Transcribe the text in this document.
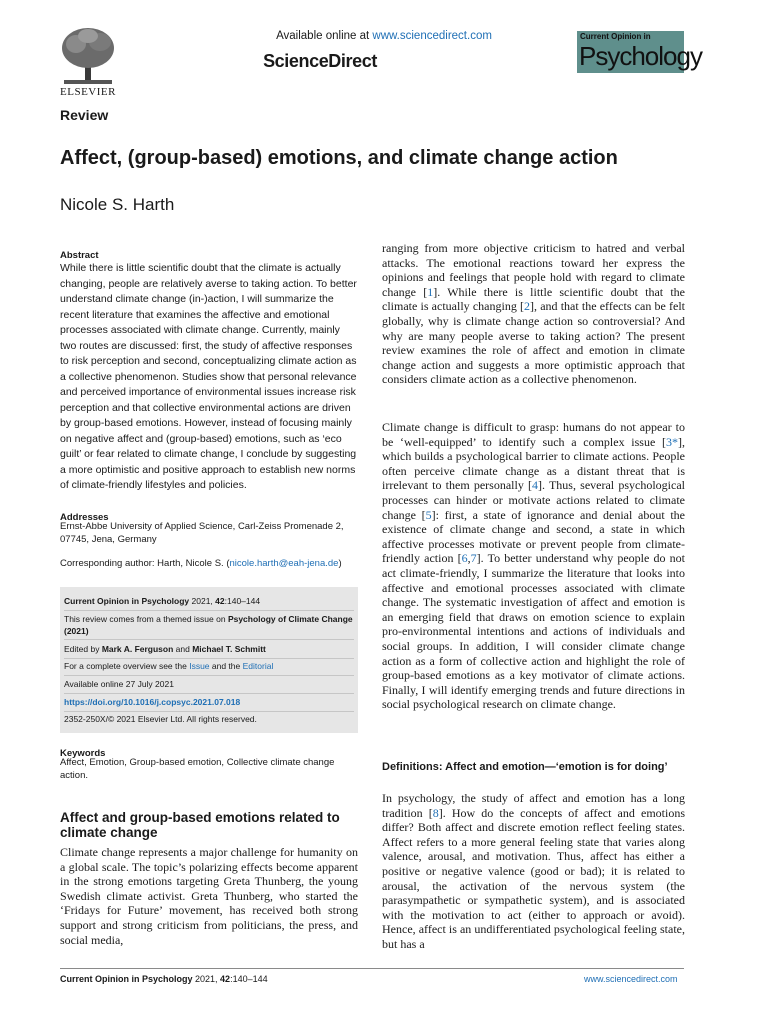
ELSEVIER
Available online at www.sciencedirect.com
ScienceDirect
Current Opinion in
Psychology
Review
Affect, (group-based) emotions, and climate change action
Nicole S. Harth
Abstract
While there is little scientific doubt that the climate is actually changing, people are relatively averse to taking action. To better understand climate change (in-)action, I will summarize the recent literature that examines the affective and emotional processes associated with climate change. Currently, mainly two routes are discussed: first, the study of affective responses to risk perception and second, conceptualizing climate action as a collective phenomenon. Studies show that personal relevance and perceived importance of environmental issues increase risk perception and that collective environmental actions are driven by group-based emotions. However, instead of focusing mainly on negative affect and (group-based) emotions, such as ‘eco guilt’ or fear related to climate change, I conclude by suggesting a more optimistic and positive approach to establish new norms of climate-friendly lifestyles and policies.
Addresses
Ernst-Abbe University of Applied Science, Carl-Zeiss Promenade 2, 07745, Jena, Germany
Corresponding author: Harth, Nicole S. (nicole.harth@eah-jena.de)
Current Opinion in Psychology 2021, 42:140–144
This review comes from a themed issue on Psychology of Climate Change (2021)
Edited by Mark A. Ferguson and Michael T. Schmitt
For a complete overview see the Issue and the Editorial
Available online 27 July 2021
https://doi.org/10.1016/j.copsyc.2021.07.018
2352-250X/© 2021 Elsevier Ltd. All rights reserved.
Keywords
Affect, Emotion, Group-based emotion, Collective climate change action.
Affect and group-based emotions related to climate change
Climate change represents a major challenge for humanity on a global scale. The topic’s polarizing effects become apparent in the strong emotions targeting Greta Thunberg, the young Swedish climate activist. Greta Thunberg, who started the ‘Fridays for Future’ movement, has received both strong support and strong criticism from politicians, the press, and social media,
ranging from more objective criticism to hatred and verbal attacks. The emotional reactions toward her express the opinions and feelings that people hold with regard to climate change [1]. While there is little scientific doubt that the climate is actually changing [2], and that the effects can be felt globally, why is climate change action so controversial? And why are many people averse to taking action? The present review examines the role of affect and emotion in climate change action and suggests a more optimistic approach that considers climate action as a collective phenomenon.
Climate change is difficult to grasp: humans do not appear to be ‘well-equipped’ to identify such a complex issue [3*], which builds a psychological barrier to climate actions. People often perceive climate change as a distant threat that is irrelevant to them personally [4]. Thus, several psychological processes can hinder or motivate actions related to climate change [5]: first, a state of ignorance and denial about the existence of climate change and second, a state in which affective processes motivate or prevent people from climate-friendly action [6,7]. To better understand why people do not act climate-friendly, I summarize the literature that looks into affective and emotional processes associated with climate change. The systematic investigation of affect and emotion is an emerging field that draws on emotion science to explain pro-environmental intentions and actions of individuals and social groups. In addition, I will consider climate change action as a form of collective action and highlight the role of group-based emotions as a key motivator of climate actions. Finally, I will identify emerging trends and future directions in social psychological research on climate change.
Definitions: Affect and emotion—‘emotion is for doing’
In psychology, the study of affect and emotion has a long tradition [8]. How do the concepts of affect and emotions differ? Both affect and discrete emotion reflect feeling states. Affect refers to a more general feeling state that varies along valence, arousal, and motivation. Thus, affect has either a positive or negative valence (good or bad); it is related to arousal, the activation of the nervous system (the parasympathetic or sympathetic system), and is associated with the motivation to act (either to approach or avoid). Hence, affect is an undifferentiated psychological feeling state, but has a
Current Opinion in Psychology 2021, 42:140–144	www.sciencedirect.com
